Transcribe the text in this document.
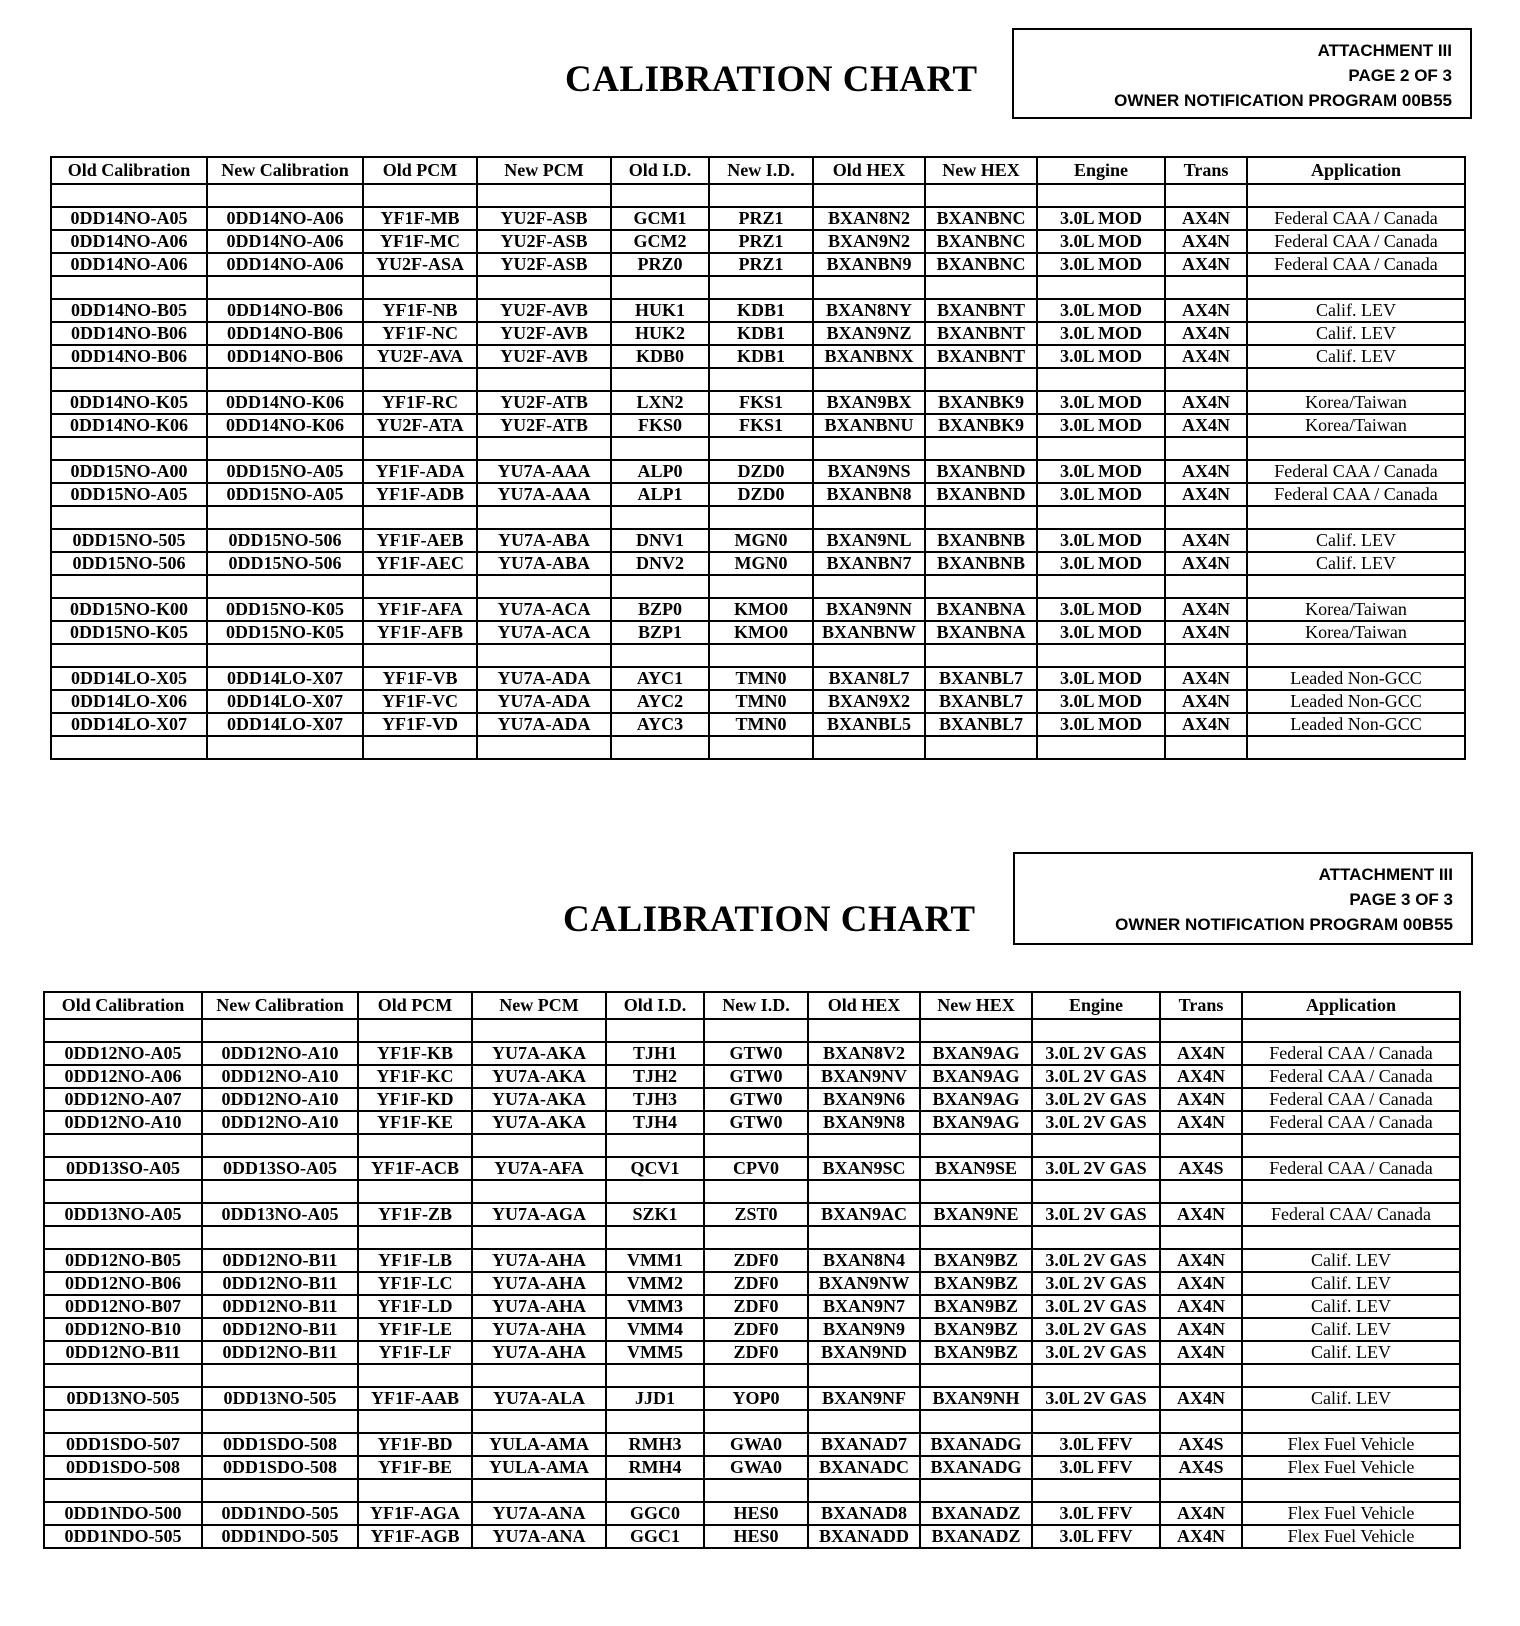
CALIBRATION CHART
ATTACHMENT III
PAGE 2 OF 3
OWNER NOTIFICATION PROGRAM 00B55
Old Calibration	New Calibration	Old PCM	New PCM	Old I.D.	New I.D.	Old HEX	New HEX	Engine	Trans	Application

0DD14NO-A05	0DD14NO-A06	YF1F-MB	YU2F-ASB	GCM1	PRZ1	BXAN8N2	BXANBNC	3.0L MOD	AX4N	Federal CAA / Canada
0DD14NO-A06	0DD14NO-A06	YF1F-MC	YU2F-ASB	GCM2	PRZ1	BXAN9N2	BXANBNC	3.0L MOD	AX4N	Federal CAA / Canada
0DD14NO-A06	0DD14NO-A06	YU2F-ASA	YU2F-ASB	PRZ0	PRZ1	BXANBN9	BXANBNC	3.0L MOD	AX4N	Federal CAA / Canada

0DD14NO-B05	0DD14NO-B06	YF1F-NB	YU2F-AVB	HUK1	KDB1	BXAN8NY	BXANBNT	3.0L MOD	AX4N	Calif. LEV
0DD14NO-B06	0DD14NO-B06	YF1F-NC	YU2F-AVB	HUK2	KDB1	BXAN9NZ	BXANBNT	3.0L MOD	AX4N	Calif. LEV
0DD14NO-B06	0DD14NO-B06	YU2F-AVA	YU2F-AVB	KDB0	KDB1	BXANBNX	BXANBNT	3.0L MOD	AX4N	Calif. LEV

0DD14NO-K05	0DD14NO-K06	YF1F-RC	YU2F-ATB	LXN2	FKS1	BXAN9BX	BXANBK9	3.0L MOD	AX4N	Korea/Taiwan
0DD14NO-K06	0DD14NO-K06	YU2F-ATA	YU2F-ATB	FKS0	FKS1	BXANBNU	BXANBK9	3.0L MOD	AX4N	Korea/Taiwan

0DD15NO-A00	0DD15NO-A05	YF1F-ADA	YU7A-AAA	ALP0	DZD0	BXAN9NS	BXANBND	3.0L MOD	AX4N	Federal CAA / Canada
0DD15NO-A05	0DD15NO-A05	YF1F-ADB	YU7A-AAA	ALP1	DZD0	BXANBN8	BXANBND	3.0L MOD	AX4N	Federal CAA / Canada

0DD15NO-505	0DD15NO-506	YF1F-AEB	YU7A-ABA	DNV1	MGN0	BXAN9NL	BXANBNB	3.0L MOD	AX4N	Calif. LEV
0DD15NO-506	0DD15NO-506	YF1F-AEC	YU7A-ABA	DNV2	MGN0	BXANBN7	BXANBNB	3.0L MOD	AX4N	Calif. LEV

0DD15NO-K00	0DD15NO-K05	YF1F-AFA	YU7A-ACA	BZP0	KMO0	BXAN9NN	BXANBNA	3.0L MOD	AX4N	Korea/Taiwan
0DD15NO-K05	0DD15NO-K05	YF1F-AFB	YU7A-ACA	BZP1	KMO0	BXANBNW	BXANBNA	3.0L MOD	AX4N	Korea/Taiwan

0DD14LO-X05	0DD14LO-X07	YF1F-VB	YU7A-ADA	AYC1	TMN0	BXAN8L7	BXANBL7	3.0L MOD	AX4N	Leaded Non-GCC
0DD14LO-X06	0DD14LO-X07	YF1F-VC	YU7A-ADA	AYC2	TMN0	BXAN9X2	BXANBL7	3.0L MOD	AX4N	Leaded Non-GCC
0DD14LO-X07	0DD14LO-X07	YF1F-VD	YU7A-ADA	AYC3	TMN0	BXANBL5	BXANBL7	3.0L MOD	AX4N	Leaded Non-GCC

CALIBRATION CHART
ATTACHMENT III
PAGE 3 OF 3
OWNER NOTIFICATION PROGRAM 00B55
Old Calibration	New Calibration	Old PCM	New PCM	Old I.D.	New I.D.	Old HEX	New HEX	Engine	Trans	Application

0DD12NO-A05	0DD12NO-A10	YF1F-KB	YU7A-AKA	TJH1	GTW0	BXAN8V2	BXAN9AG	3.0L 2V GAS	AX4N	Federal CAA / Canada
0DD12NO-A06	0DD12NO-A10	YF1F-KC	YU7A-AKA	TJH2	GTW0	BXAN9NV	BXAN9AG	3.0L 2V GAS	AX4N	Federal CAA / Canada
0DD12NO-A07	0DD12NO-A10	YF1F-KD	YU7A-AKA	TJH3	GTW0	BXAN9N6	BXAN9AG	3.0L 2V GAS	AX4N	Federal CAA / Canada
0DD12NO-A10	0DD12NO-A10	YF1F-KE	YU7A-AKA	TJH4	GTW0	BXAN9N8	BXAN9AG	3.0L 2V GAS	AX4N	Federal CAA / Canada

0DD13SO-A05	0DD13SO-A05	YF1F-ACB	YU7A-AFA	QCV1	CPV0	BXAN9SC	BXAN9SE	3.0L 2V GAS	AX4S	Federal CAA / Canada

0DD13NO-A05	0DD13NO-A05	YF1F-ZB	YU7A-AGA	SZK1	ZST0	BXAN9AC	BXAN9NE	3.0L 2V GAS	AX4N	Federal CAA/ Canada

0DD12NO-B05	0DD12NO-B11	YF1F-LB	YU7A-AHA	VMM1	ZDF0	BXAN8N4	BXAN9BZ	3.0L 2V GAS	AX4N	Calif. LEV
0DD12NO-B06	0DD12NO-B11	YF1F-LC	YU7A-AHA	VMM2	ZDF0	BXAN9NW	BXAN9BZ	3.0L 2V GAS	AX4N	Calif. LEV
0DD12NO-B07	0DD12NO-B11	YF1F-LD	YU7A-AHA	VMM3	ZDF0	BXAN9N7	BXAN9BZ	3.0L 2V GAS	AX4N	Calif. LEV
0DD12NO-B10	0DD12NO-B11	YF1F-LE	YU7A-AHA	VMM4	ZDF0	BXAN9N9	BXAN9BZ	3.0L 2V GAS	AX4N	Calif. LEV
0DD12NO-B11	0DD12NO-B11	YF1F-LF	YU7A-AHA	VMM5	ZDF0	BXAN9ND	BXAN9BZ	3.0L 2V GAS	AX4N	Calif. LEV

0DD13NO-505	0DD13NO-505	YF1F-AAB	YU7A-ALA	JJD1	YOP0	BXAN9NF	BXAN9NH	3.0L 2V GAS	AX4N	Calif. LEV

0DD1SDO-507	0DD1SDO-508	YF1F-BD	YULA-AMA	RMH3	GWA0	BXANAD7	BXANADG	3.0L FFV	AX4S	Flex Fuel Vehicle
0DD1SDO-508	0DD1SDO-508	YF1F-BE	YULA-AMA	RMH4	GWA0	BXANADC	BXANADG	3.0L FFV	AX4S	Flex Fuel Vehicle

0DD1NDO-500	0DD1NDO-505	YF1F-AGA	YU7A-ANA	GGC0	HES0	BXANAD8	BXANADZ	3.0L FFV	AX4N	Flex Fuel Vehicle
0DD1NDO-505	0DD1NDO-505	YF1F-AGB	YU7A-ANA	GGC1	HES0	BXANADD	BXANADZ	3.0L FFV	AX4N	Flex Fuel Vehicle
